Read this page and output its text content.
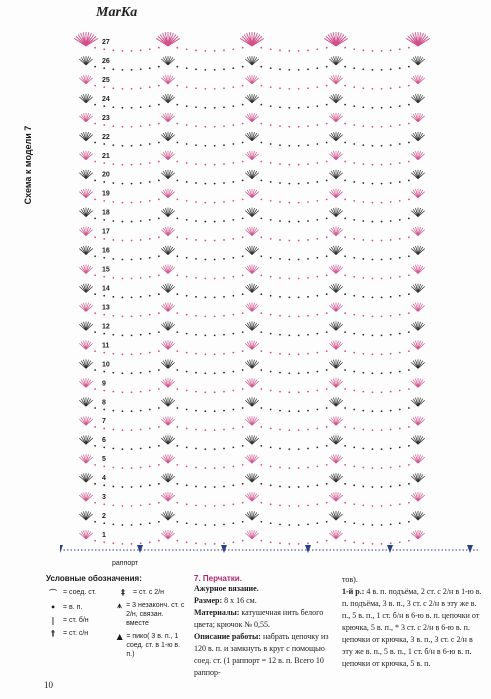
MarKa
Схема к модели 7
27
26
25
24
23
22
21
20
19
18
17
16
15
14
13
12
11
10
9
8
7
6
5
4
3
2
1
раппорт
Условные обозначения:
⌒ = соед. ст.
•	= в. п.
|	= ст. б/н
†	= ст. с/н
‡	= ст. с 2/н
⩚ = 3 незаконч. ст. с 2/н, связан. вместе
▲ = пико( 3 в. п., 1 соед. ст. в 1-ю в. п.)
7. Перчатки.
Ажурное вязание.
Размер: 8 х 16 см.
Материалы: катушечная нить белого цвета; крючок № 0,55.
Описание работы: набрать цепочку из 120 в. п. и замкнуть в круг с помощью соед. ст. (1 раппорт = 12 в. п. Всего 10 раппор-
тов).
1-й р.: 4 в. п. подъёма, 2 ст. с 2/н в 1-ю в. п. подъёма, 3 в. п., 3 ст. с 2/н в эту же в. п., 5 в. п., 1 ст. б/н в 6-ю в. п. цепочки от крючка, 5 в. п., * 3 ст. с 2/н в 6-ю в. п. цепочки от крючка, 3 в. п., 3 ст. с 2/н в эту же в. п., 5 в. п., 1 ст. б/н в 6-ю в. п. цепочки от крючка, 5 в. п.
10
